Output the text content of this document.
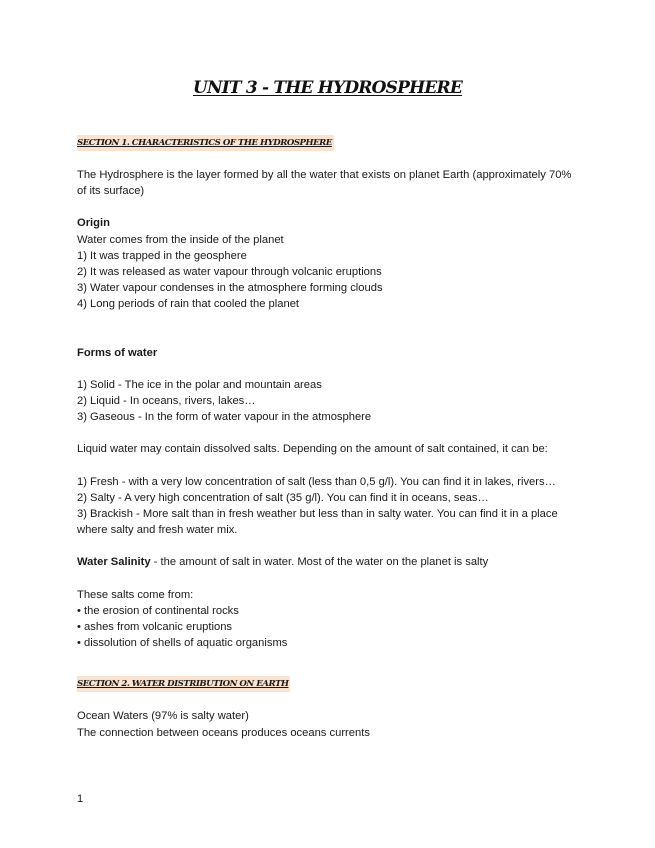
UNIT 3 - THE HYDROSPHERE
SECTION 1. CHARACTERISTICS OF THE HYDROSPHERE

The Hydrosphere is the layer formed by all the water that exists on planet Earth (approximately 70% of its surface)

Origin

Water comes from the inside of the planet

1) It was trapped in the geosphere

2) It was released as water vapour through volcanic eruptions

3) Water vapour condenses in the atmosphere forming clouds

4) Long periods of rain that cooled the planet

Forms of water

1) Solid - The ice in the polar and mountain areas

2) Liquid - In oceans, rivers, lakes…

3) Gaseous - In the form of water vapour in the atmosphere

Liquid water may contain dissolved salts. Depending on the amount of salt contained, it can be:

1) Fresh - with a very low concentration of salt (less than 0,5 g/l). You can find it in lakes, rivers…

2) Salty - A very high concentration of salt (35 g/l). You can find it in oceans, seas…

3) Brackish - More salt than in fresh weather but less than in salty water. You can find it in a place where salty and fresh water mix.

Water Salinity - the amount of salt in water. Most of the water on the planet is salty

These salts come from:

• the erosion of continental rocks

• ashes from volcanic eruptions

• dissolution of shells of aquatic organisms

SECTION 2. WATER DISTRIBUTION ON EARTH

Ocean Waters (97% is salty water)

The connection between oceans produces oceans currents

1
